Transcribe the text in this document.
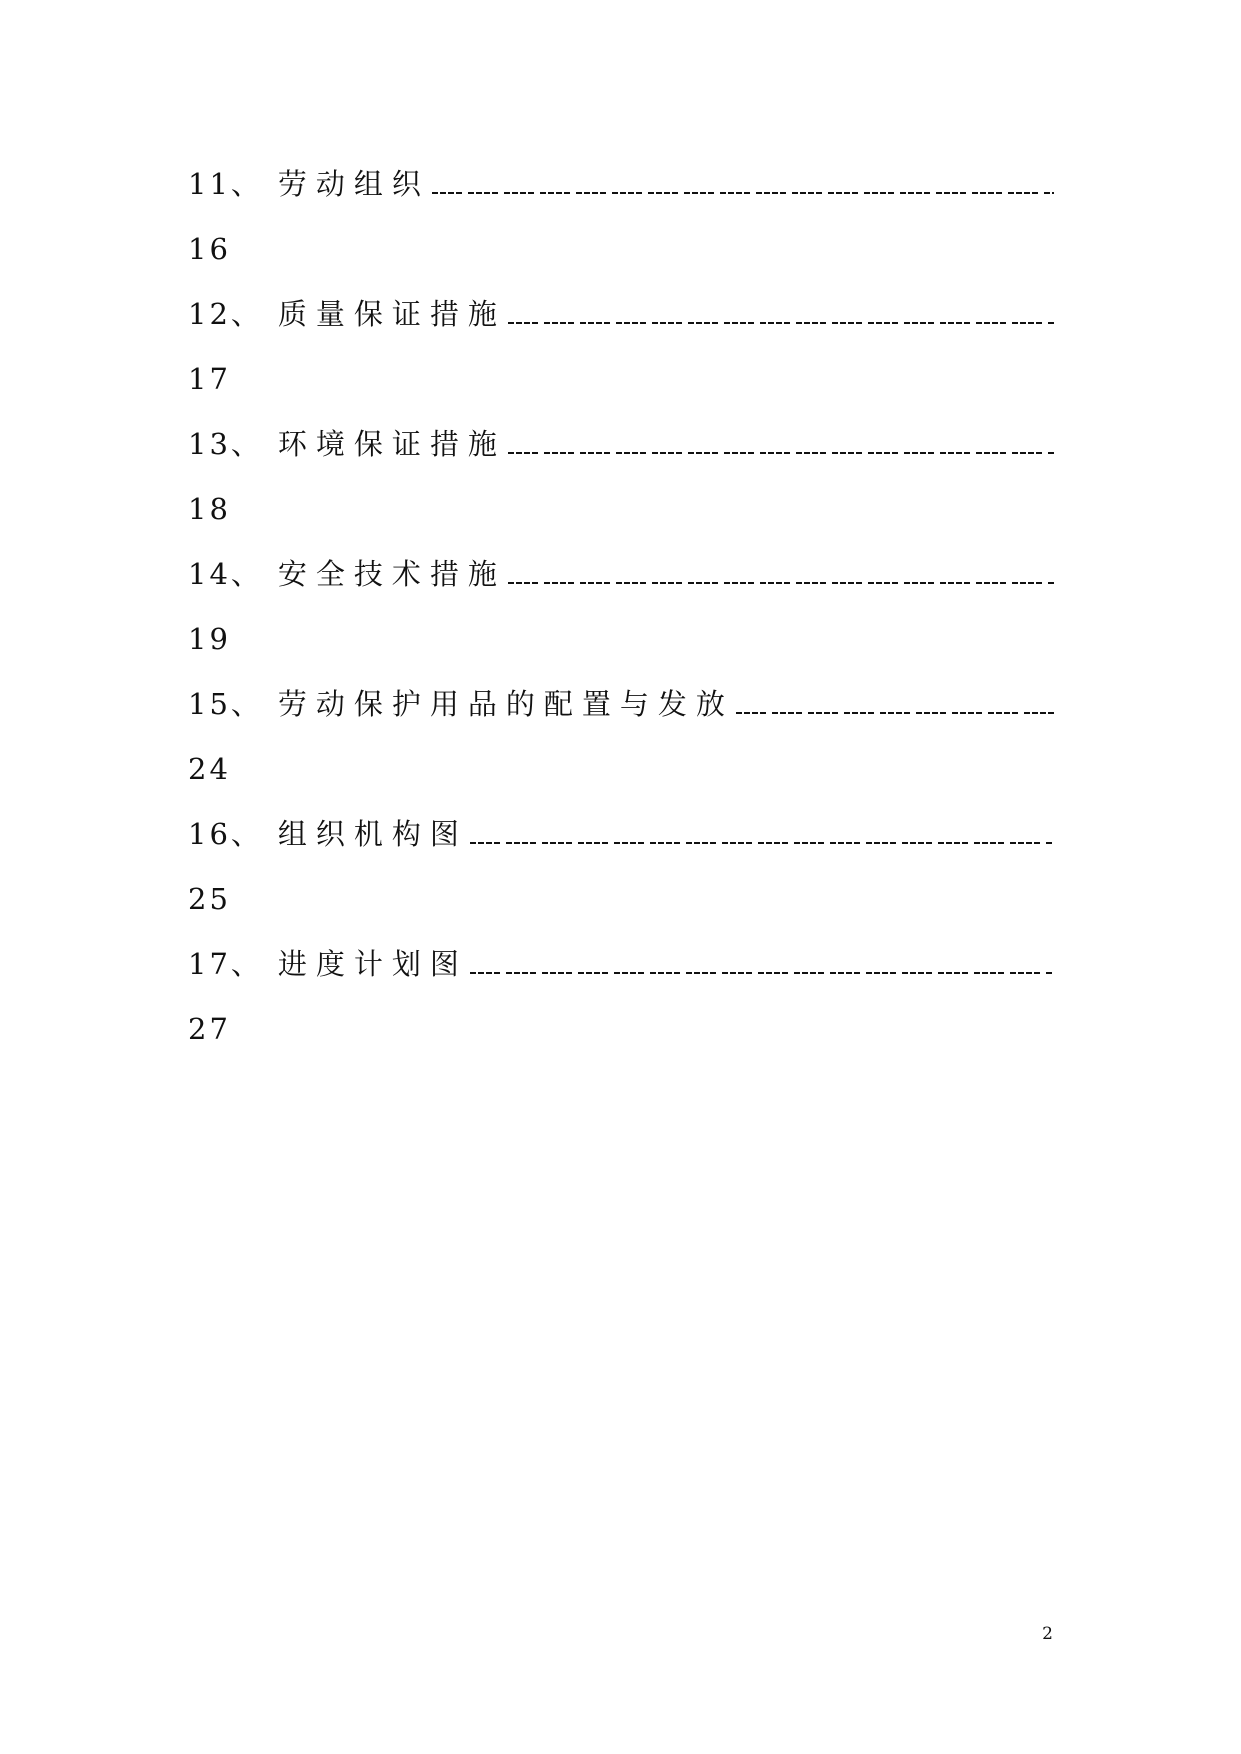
11 、 劳动组织
16
12 、 质量保证措施
17
13 、 环境保证措施
18
14 、 安全技术措施
19
15 、 劳动保护用品的配置与发放
24
16 、 组织机构图
25
17 、 进度计划图
27
2
